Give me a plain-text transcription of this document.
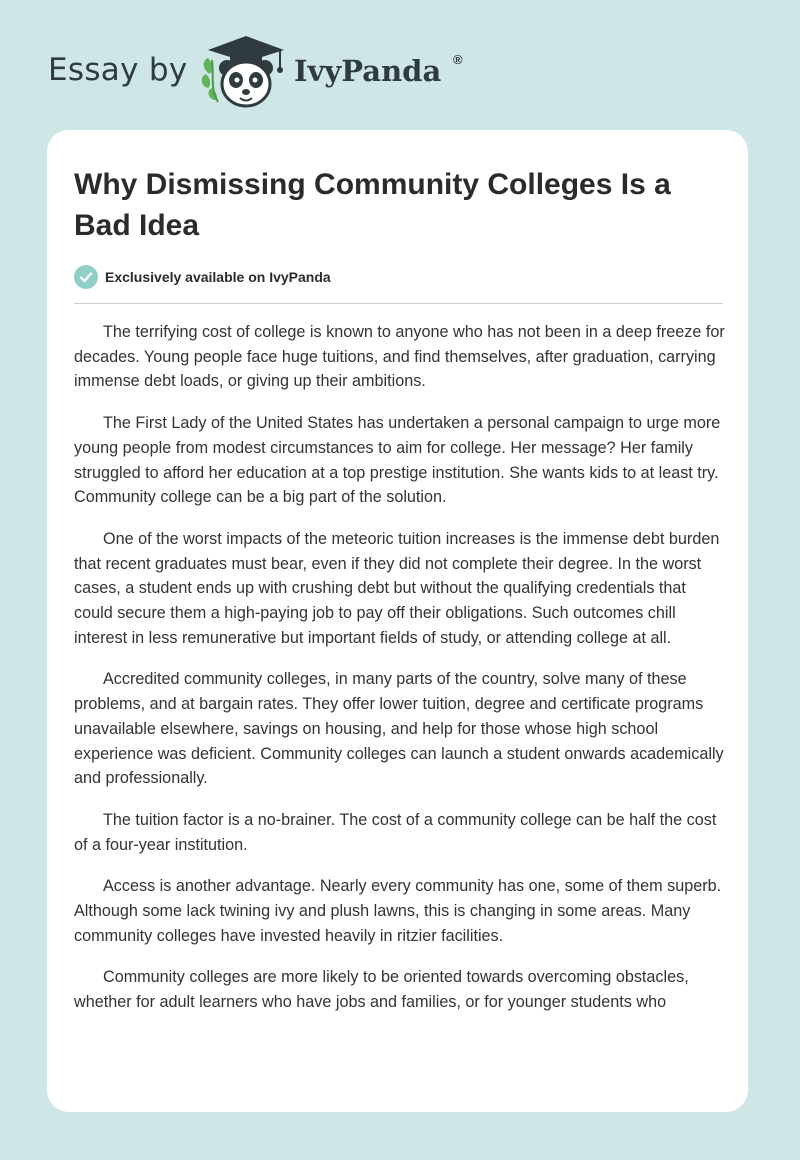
Essay by	IvyPanda ®
Why Dismissing Community Colleges Is a Bad Idea
Exclusively available on IvyPanda

The terrifying cost of college is known to anyone who has not been in a deep freeze for decades. Young people face huge tuitions, and find themselves, after graduation, carrying immense debt loads, or giving up their ambitions.

The First Lady of the United States has undertaken a personal campaign to urge more young people from modest circumstances to aim for college. Her message? Her family struggled to afford her education at a top prestige institution. She wants kids to at least try. Community college can be a big part of the solution.

One of the worst impacts of the meteoric tuition increases is the immense debt burden that recent graduates must bear, even if they did not complete their degree. In the worst cases, a student ends up with crushing debt but without the qualifying credentials that could secure them a high-paying job to pay off their obligations. Such outcomes chill interest in less remunerative but important fields of study, or attending college at all.

Accredited community colleges, in many parts of the country, solve many of these problems, and at bargain rates. They offer lower tuition, degree and certificate programs unavailable elsewhere, savings on housing, and help for those whose high school experience was deficient. Community colleges can launch a student onwards academically and professionally.

The tuition factor is a no-brainer. The cost of a community college can be half the cost of a four-year institution.

Access is another advantage. Nearly every community has one, some of them superb. Although some lack twining ivy and plush lawns, this is changing in some areas. Many community colleges have invested heavily in ritzier facilities.

Community colleges are more likely to be oriented towards overcoming obstacles, whether for adult learners who have jobs and families, or for younger students who
